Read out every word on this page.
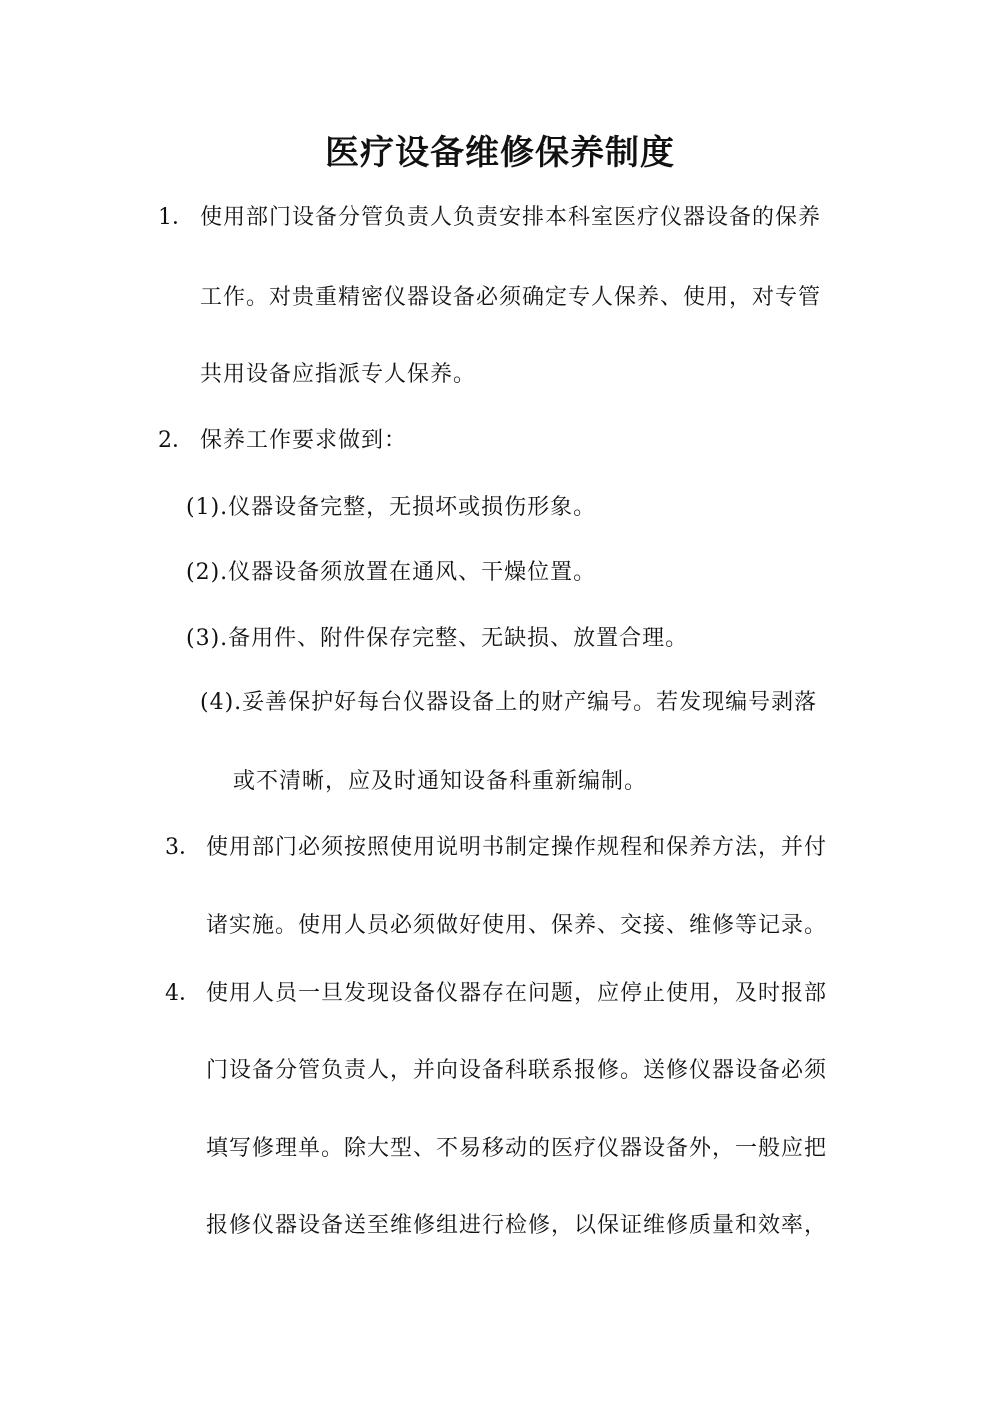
医疗设备维修保养制度
1． 使用部门设备分管负责人负责安排本科室医疗仪器设备的保养
工作。对贵重精密仪器设备必须确定专人保养、使用，对专管
共用设备应指派专人保养。
2． 保养工作要求做到：
(1).仪器设备完整，无损坏或损伤形象。
(2).仪器设备须放置在通风、干燥位置。
(3).备用件、附件保存完整、无缺损、放置合理。
(4).妥善保护好每台仪器设备上的财产编号。若发现编号剥落
或不清晰，应及时通知设备科重新编制。
3． 使用部门必须按照使用说明书制定操作规程和保养方法，并付
诸实施。使用人员必须做好使用、保养、交接、维修等记录。
4． 使用人员一旦发现设备仪器存在问题，应停止使用，及时报部
门设备分管负责人，并向设备科联系报修。送修仪器设备必须
填写修理单。除大型、不易移动的医疗仪器设备外，一般应把
报修仪器设备送至维修组进行检修，以保证维修质量和效率，
